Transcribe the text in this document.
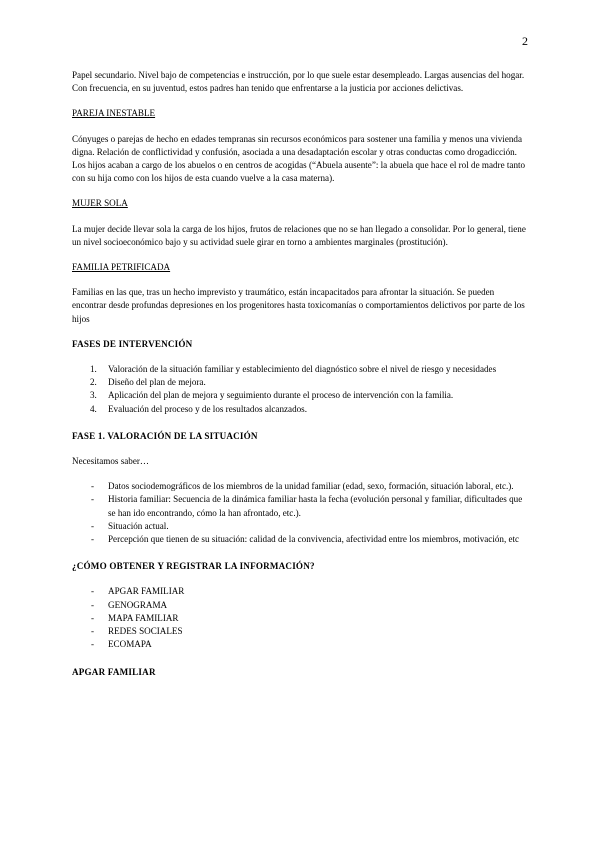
2

Papel secundario. Nivel bajo de competencias e instrucción, por lo que suele estar desempleado. Largas ausencias del hogar. Con frecuencia, en su juventud, estos padres han tenido que enfrentarse a la justicia por acciones delictivas.

PAREJA INESTABLE

Cónyuges o parejas de hecho en edades tempranas sin recursos económicos para sostener una familia y menos una vivienda digna. Relación de conflictividad y confusión, asociada a una desadaptación escolar y otras conductas como drogadicción. Los hijos acaban a cargo de los abuelos o en centros de acogidas (“Abuela ausente”: la abuela que hace el rol de madre tanto con su hija como con los hijos de esta cuando vuelve a la casa materna).

MUJER SOLA

La mujer decide llevar sola la carga de los hijos, frutos de relaciones que no se han llegado a consolidar. Por lo general, tiene un nivel socioeconómico bajo y su actividad suele girar en torno a ambientes marginales (prostitución).

FAMILIA PETRIFICADA

Familias en las que, tras un hecho imprevisto y traumático, están incapacitados para afrontar la situación. Se pueden encontrar desde profundas depresiones en los progenitores hasta toxicomanías o comportamientos delictivos por parte de los hijos

FASES DE INTERVENCIÓN

1. Valoración de la situación familiar y establecimiento del diagnóstico sobre el nivel de riesgo y necesidades
2. Diseño del plan de mejora.
3. Aplicación del plan de mejora y seguimiento durante el proceso de intervención con la familia.
4. Evaluación del proceso y de los resultados alcanzados.

FASE 1. VALORACIÓN DE LA SITUACIÓN

Necesitamos saber…

- Datos sociodemográficos de los miembros de la unidad familiar (edad, sexo, formación, situación laboral, etc.).
- Historia familiar: Secuencia de la dinámica familiar hasta la fecha (evolución personal y familiar, dificultades que se han ido encontrando, cómo la han afrontado, etc.).
- Situación actual.
- Percepción que tienen de su situación: calidad de la convivencia, afectividad entre los miembros, motivación, etc

¿CÓMO OBTENER Y REGISTRAR LA INFORMACIÓN?

- APGAR FAMILIAR
- GENOGRAMA
- MAPA FAMILIAR
- REDES SOCIALES
- ECOMAPA

APGAR FAMILIAR
